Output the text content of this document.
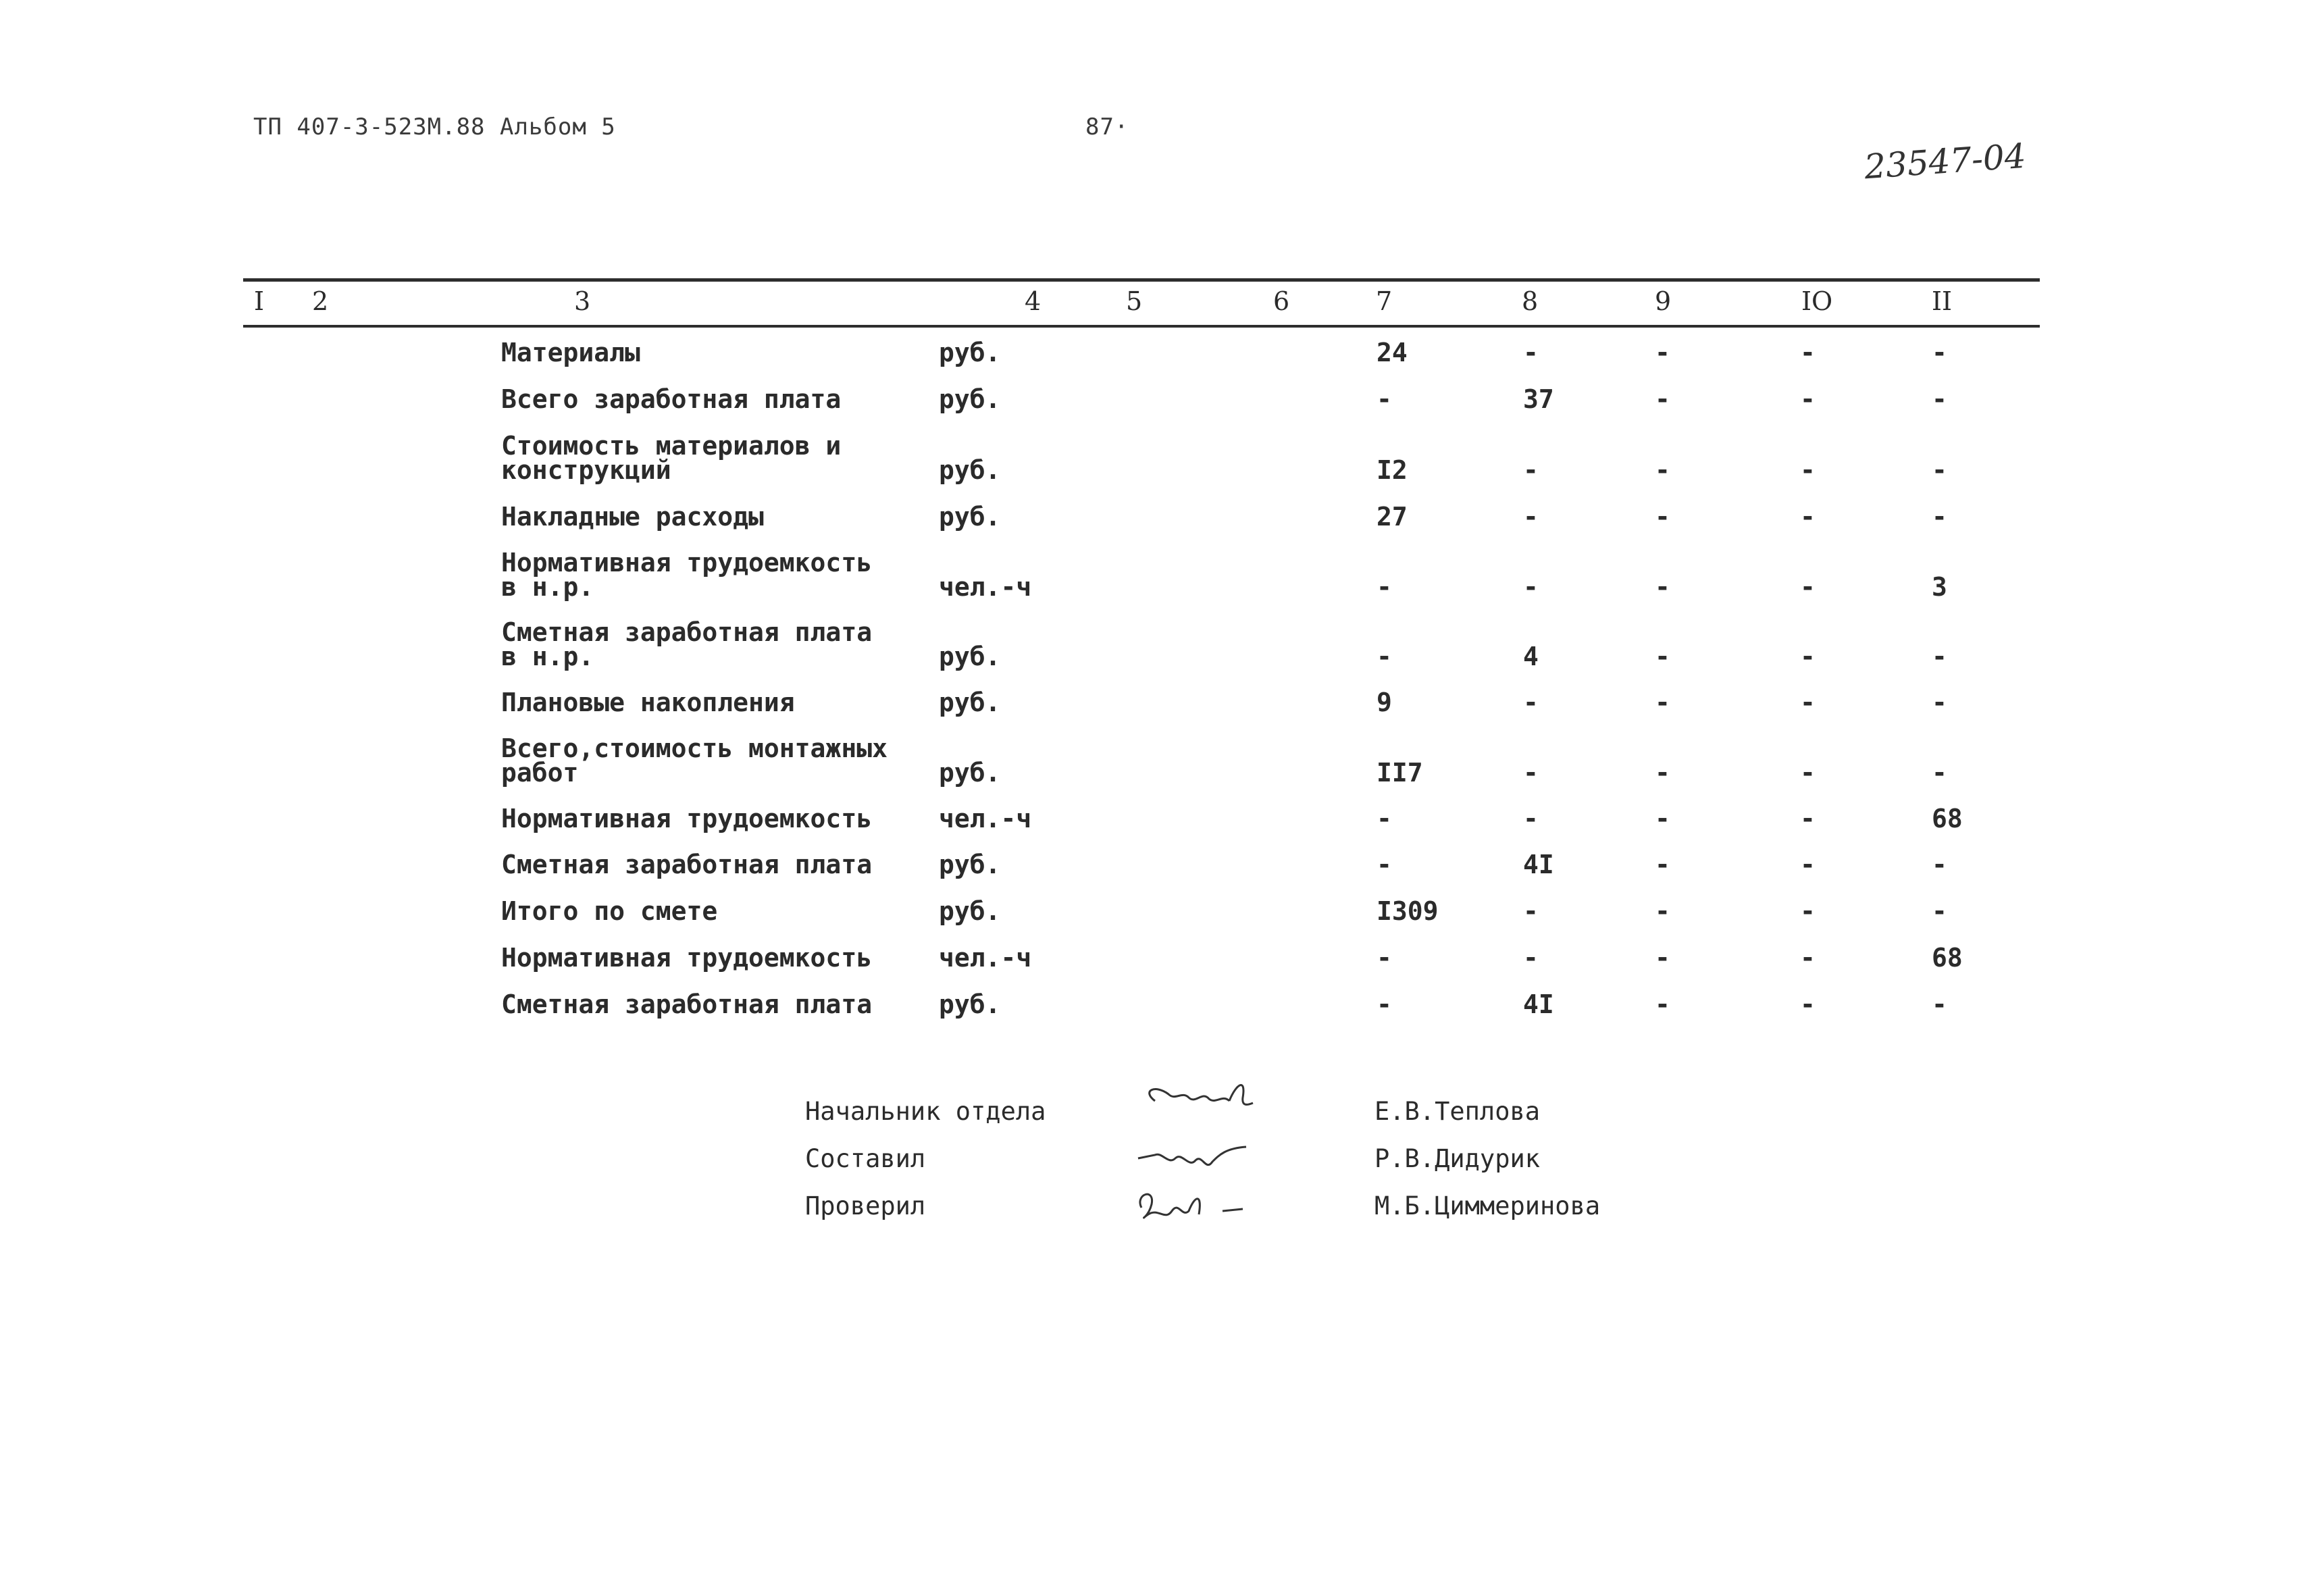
ТП 407-3-523М.88 Альбом 5	87·
23547-04
I 2	3	4	5	6	7	8	9	IO	II
Материалы	руб.	24	-	-	-	-
Всего заработная плата	руб.	-	37	-	-	-
Стоимость материалов и
конструкций	руб.	I2	-	-	-	-
Накладные расходы	руб.	27	-	-	-	-
Нормативная трудоемкость
в н.р.	чел.-ч	-	-	-	-	3
Сметная заработная плата
в н.р.	руб.	-	4	-	-	-
Плановые накопления	руб.	9	-	-	-	-
Всего,стоимость монтажных
работ	руб.	II7	-	-	-	-
Нормативная трудоемкость	чел.-ч	-	-	-	-	68
Сметная заработная плата	руб.	-	4I	-	-	-
Итого по смете	руб.	I309	-	-	-	-
Нормативная трудоемкость	чел.-ч	-	-	-	-	68
Сметная заработная плата	руб.	-	4I	-	-	-
Начальник отдела	Е.В.Теплова
Составил	Р.В.Дидурик
Проверил	М.Б.Циммеринова
